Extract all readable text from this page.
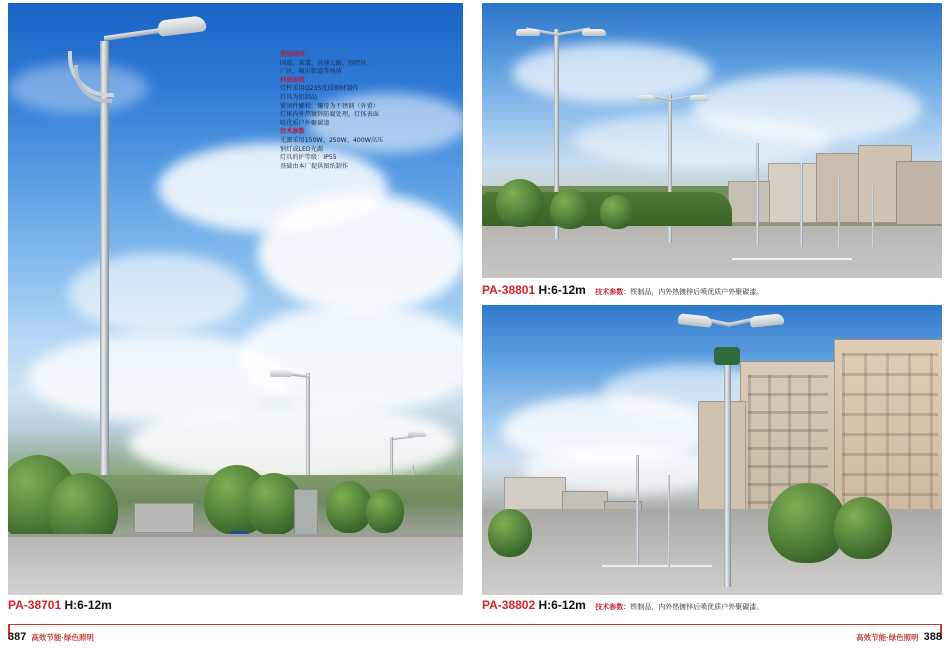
使用场所：
国道、省道、高速公路、别墅区、
厂区、城市街道等场所
材质说明
灯杆采用Q235优质钢材制作
灯具为铝制品
紧固件螺栓、螺母为不锈钢（外置）
灯体内外热镀锌防腐处理，灯体表面
喷优质户外聚碳漆
技术参数
光源采用150W、250W、400W高压
钠灯或LED光源
灯具的护等级：IP55
基础由本厂提供图纸制作
PA-38701 H:6-12m
PA-38801 H:6-12m 技术参数：铁制品，内外热镀锌后喷优质户外聚碳漆。
PA-38802 H:6-12m 技术参数：铁制品，内外热镀锌后喷优质户外聚碳漆。
387 高效节能·绿色照明	高效节能·绿色照明 388
